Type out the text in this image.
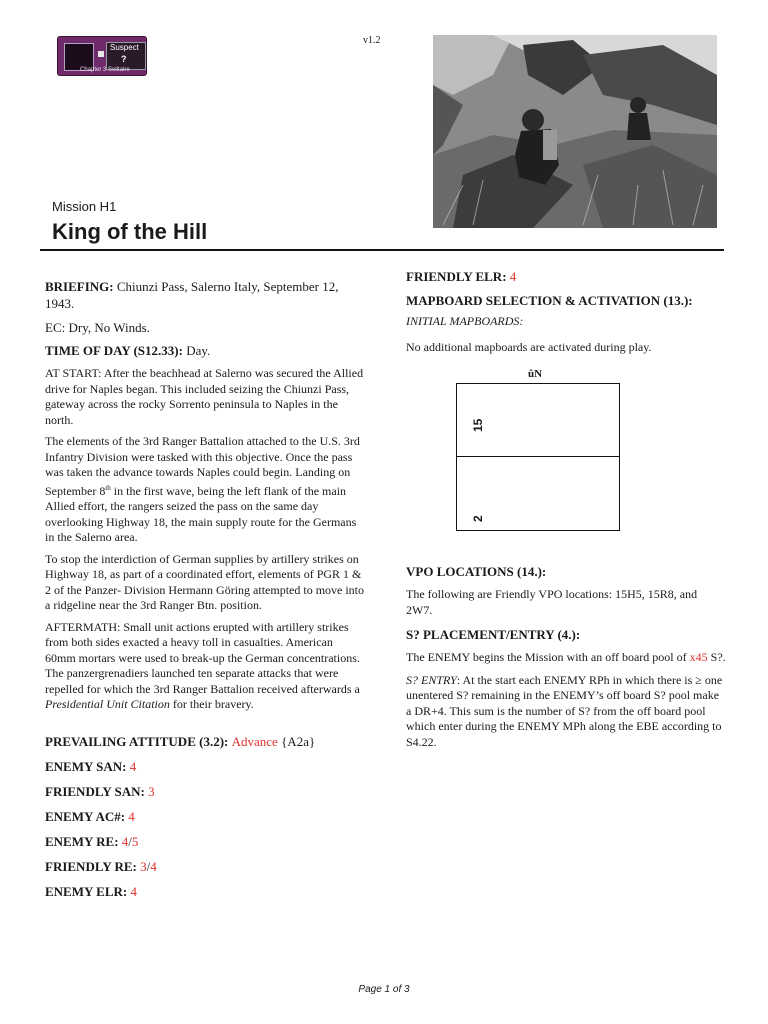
Suspect
?
Chapter 3 Solitaire
v1.2
Mission H1
King of the Hill

BRIEFING: Chiunzi Pass, Salerno Italy, September 12, 1943.

EC: Dry, No Winds.

TIME OF DAY (S12.33): Day.

AT START: After the beachhead at Salerno was secured the Allied drive for Naples began. This included seizing the Chiunzi Pass, gateway across the rocky Sorrento peninsula to Naples in the north.

The elements of the 3rd Ranger Battalion attached to the U.S. 3rd Infantry Division were tasked with this objective. Once the pass was taken the advance towards Naples could begin. Landing on September 8th in the first wave, being the left flank of the main Allied effort, the rangers seized the pass on the same day overlooking Highway 18, the main supply route for the Germans in the Salerno area.

To stop the interdiction of German supplies by artillery strikes on Highway 18, as part of a coordinated effort, elements of PGR 1 & 2 of the Panzer- Division Hermann Göring attempted to move into a ridgeline near the 3rd Ranger Btn. position.

AFTERMATH: Small unit actions erupted with artillery strikes from both sides exacted a heavy toll in casualties. American 60mm mortars were used to break-up the German concentrations. The panzergrenadiers launched ten separate attacks that were repelled for which the 3rd Ranger Battalion received afterwards a Presidential Unit Citation for their bravery.

PREVAILING ATTITUDE (3.2): Advance {A2a}

ENEMY SAN: 4

FRIENDLY SAN: 3

ENEMY AC#: 4

ENEMY RE: 4/5

FRIENDLY RE: 3/4

ENEMY ELR: 4

FRIENDLY ELR: 4

MAPBOARD SELECTION & ACTIVATION (13.):

INITIAL MAPBOARDS:

No additional mapboards are activated during play.

ûN
15
2

VPO LOCATIONS (14.):

The following are Friendly VPO locations: 15H5, 15R8, and 2W7.

S? PLACEMENT/ENTRY (4.):

The ENEMY begins the Mission with an off board pool of x45 S?.

S? ENTRY: At the start each ENEMY RPh in which there is ≥ one unentered S? remaining in the ENEMY’s off board S? pool make a DR+4. This sum is the number of S? from the off board pool which enter during the ENEMY MPh along the EBE according to S4.22.

Page 1 of 3
